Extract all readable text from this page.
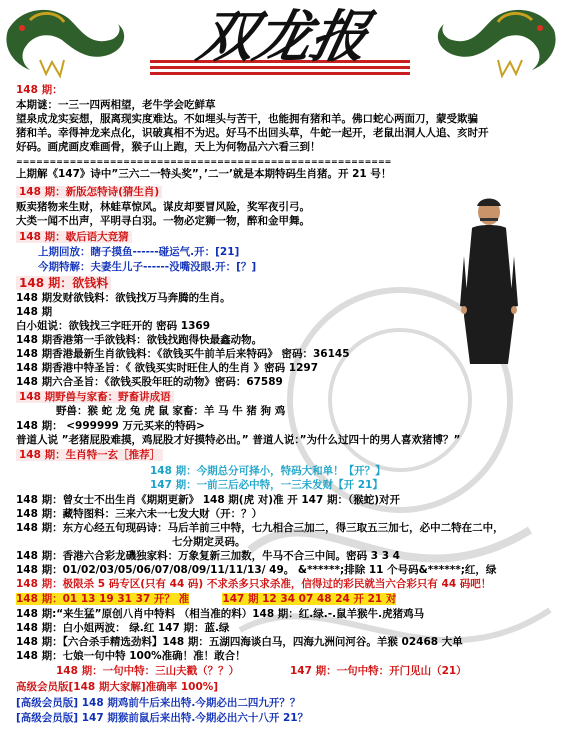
双龙报
148 期：
本期谜：一三一四两相望，老牛学会吃鲜草
望泉成龙实妄想，服离现实度难达。不如埋头与苦干，也能拥有猪和羊。佛口蛇心两面刀，蒙受欺骗
猪和羊。幸得神龙来点化，识破真相不为迟。好马不出回头草，牛蛇一起开，老鼠出洞人人追、亥时开
好码。画虎画皮难画骨，猴子山上跑，天上为何物品六六看三到！
========================================================
上期解《147》诗中”三六二一特头奖”，’二一’就是本期特码生肖猪。开 21 号！
148 期：新版怎特诗(猜生肖)
贩卖猪物来生财，林蛙草惊风。谋皮却要冒风险，奖军夜引弓。
大类一闻不出声，平明寻白羽。一物必定狮一物，醉和金甲舞。
148 期：歇后语大竞猜
上期回放：瞎子摸鱼------碰运气.开：[21]
今期特解：夫妻生儿子------没嘴没眼.开：[？]
148 期：欲钱料
148 期发财欲钱料：欲钱找万马奔腾的生肖。
148 期
白小姐说：欲钱找三字旺开的 密码 1369
148 期香港第一手欲钱料：欲钱找跑得快最鑫动物。
148 期香港最新生肖欲钱料：《欲钱买牛前羊后来特码》 密码：36145
148 期香港中特圣旨：《 欲钱买实时旺住人的生肖 》密码 1297
148 期六合圣旨：《欲钱买股年旺的动物》密码：67589
148 期野兽与家畜：野畜讲成语
野兽：猴 蛇 龙 兔 虎 鼠 家畜：羊 马 牛 猪 狗 鸡
148 期： <999999 万元买来的特码>
普道人说 ”老猪屁股难摸，鸡屁股才好摸特必出。” 普道人说：”为什么过四十的男人喜欢猪博？”
148 期：生肖特一玄［推荐］
148 期：今期总分可择小，特码大和单！【开？】
147 期：一前三后必中特，一三未发财【开 21】
148 期：曾女士不出生肖《期期更新》 148 期(虎 对)准 开 147 期：（猴蛇)对开
148 期：藏特图料：三来六未一七发大财（开：？）
148 期：东方心经五句现码诗：马后羊前三中特，七九相合三加二，得三取五三加七，必中二特在二中，
七分期定灵码。
148 期：香港六合彩龙磯独家料：万象复新三加数，牛马不合三中间。密码 3 3 4
148 期：01/02/03/05/06/07/08/09/11/11/13/ 49。 &******;排除 11 个号码&******;红，绿
148 期：极限杀 5 码专区(只有 44 码) 不求杀多只求杀准，信得过的彩民就当六合彩只有 44 码吧！
148 期：01 13 19 31 37 开？ 准	147 期 12 34 07 48 24 开 21 对
148 期:“来生猛”原创八肖中特料 （相当准的料）148 期：红.绿.-.鼠羊猴牛.虎猪鸡马
148 期：白小姐两波： 绿.红 147 期：蓝.绿
148 期：【六合杀手精选劲料】148 期：五湖四海谈白马，四海九洲问河谷。羊猴 02468 大单
148 期：七娘一句中特 100%准确！准！敢合！
148 期：一句中特：三山夫戳（？？）	147 期：一句中特：开门见山（21）
高级会员版[148 期大家解]准确率 100%]
[高级会员版] 148 期鸡前牛后来出特.今期必出二四九开？？
[高级会员版] 147 期猴前鼠后来出特.今期必出六十八开 21？
